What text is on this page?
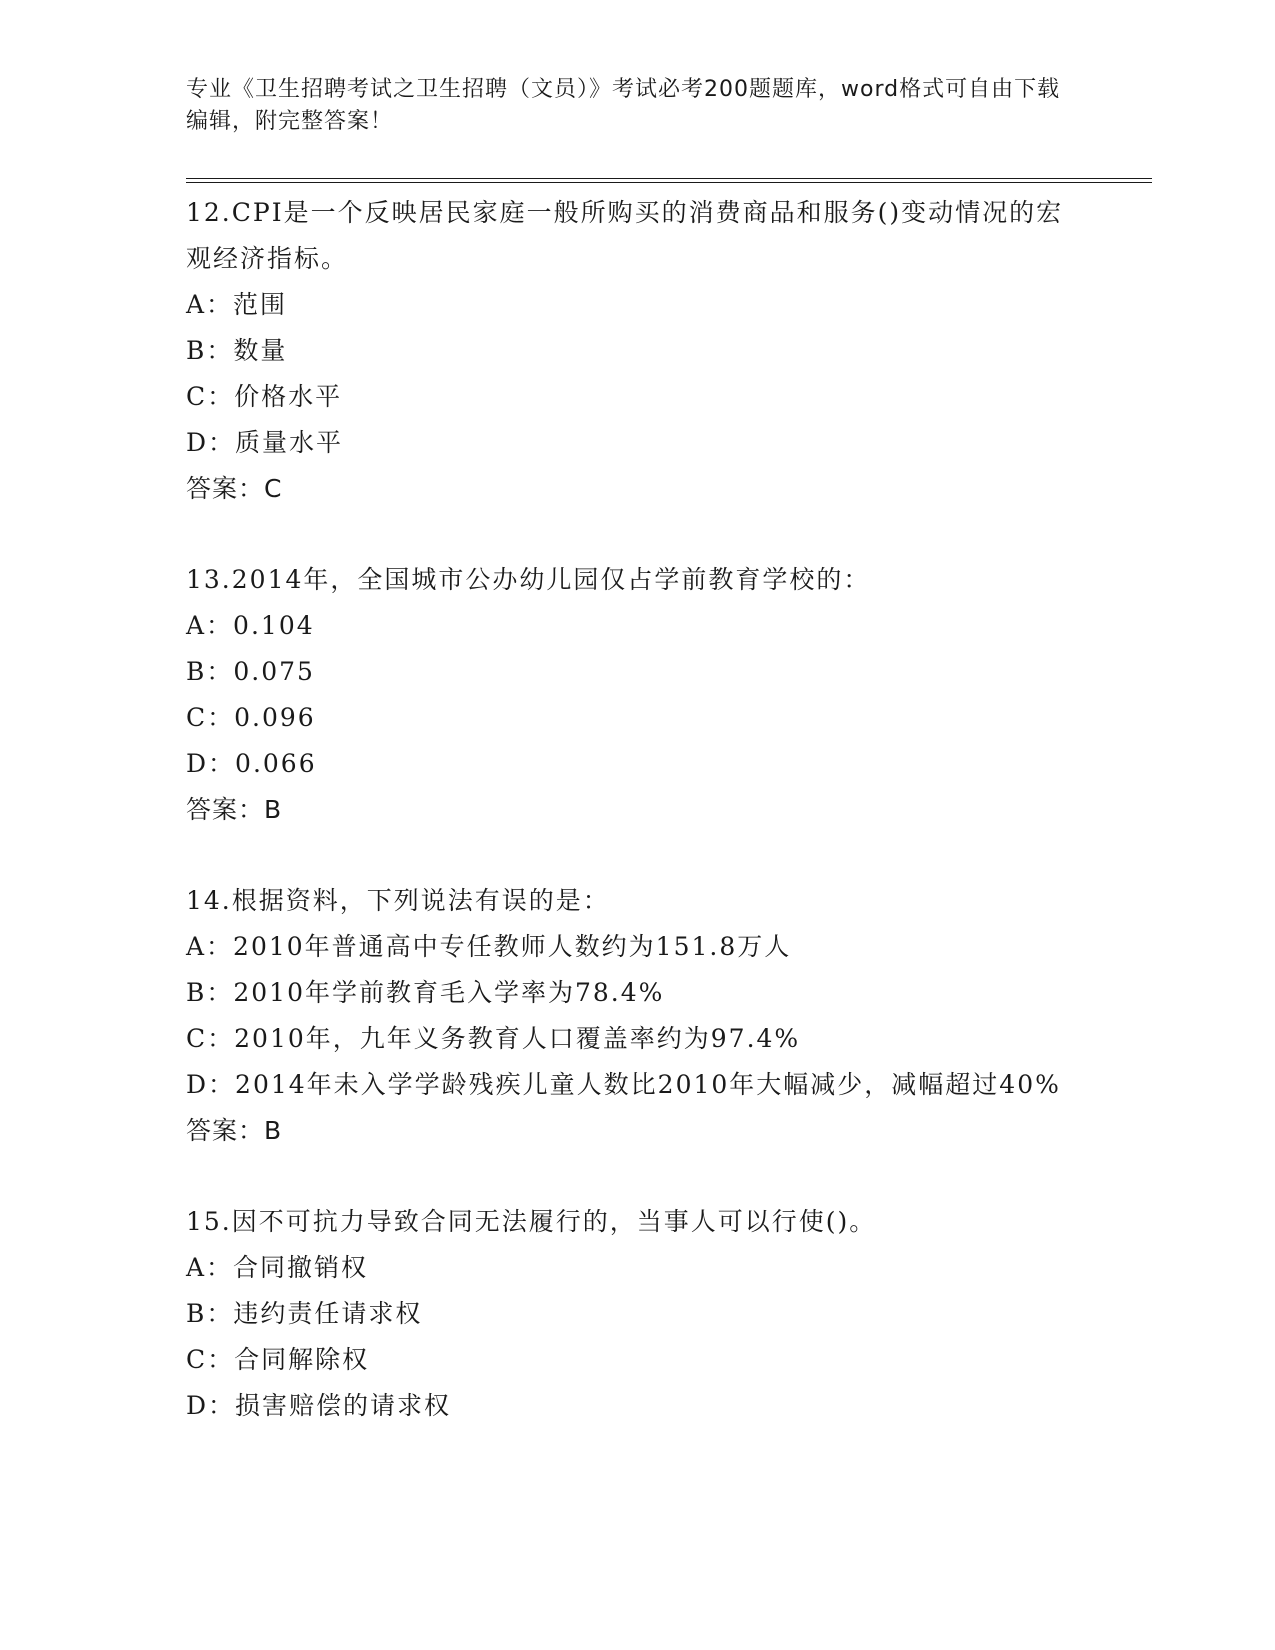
专业《卫生招聘考试之卫生招聘（文员）》考试必考200题题库，word格式可自由下载编辑，附完整答案！
12.CPI是一个反映居民家庭一般所购买的消费商品和服务()变动情况的宏观经济指标。
A：范围
B：数量
C：价格水平
D：质量水平
答案：C
13.2014年，全国城市公办幼儿园仅占学前教育学校的：
A：0.104
B：0.075
C：0.096
D：0.066
答案：B
14.根据资料，下列说法有误的是：
A：2010年普通高中专任教师人数约为151.8万人
B：2010年学前教育毛入学率为78.4%
C：2010年，九年义务教育人口覆盖率约为97.4%
D：2014年未入学学龄残疾儿童人数比2010年大幅减少，减幅超过40%
答案：B
15.因不可抗力导致合同无法履行的，当事人可以行使()。
A：合同撤销权
B：违约责任请求权
C：合同解除权
D：损害赔偿的请求权
